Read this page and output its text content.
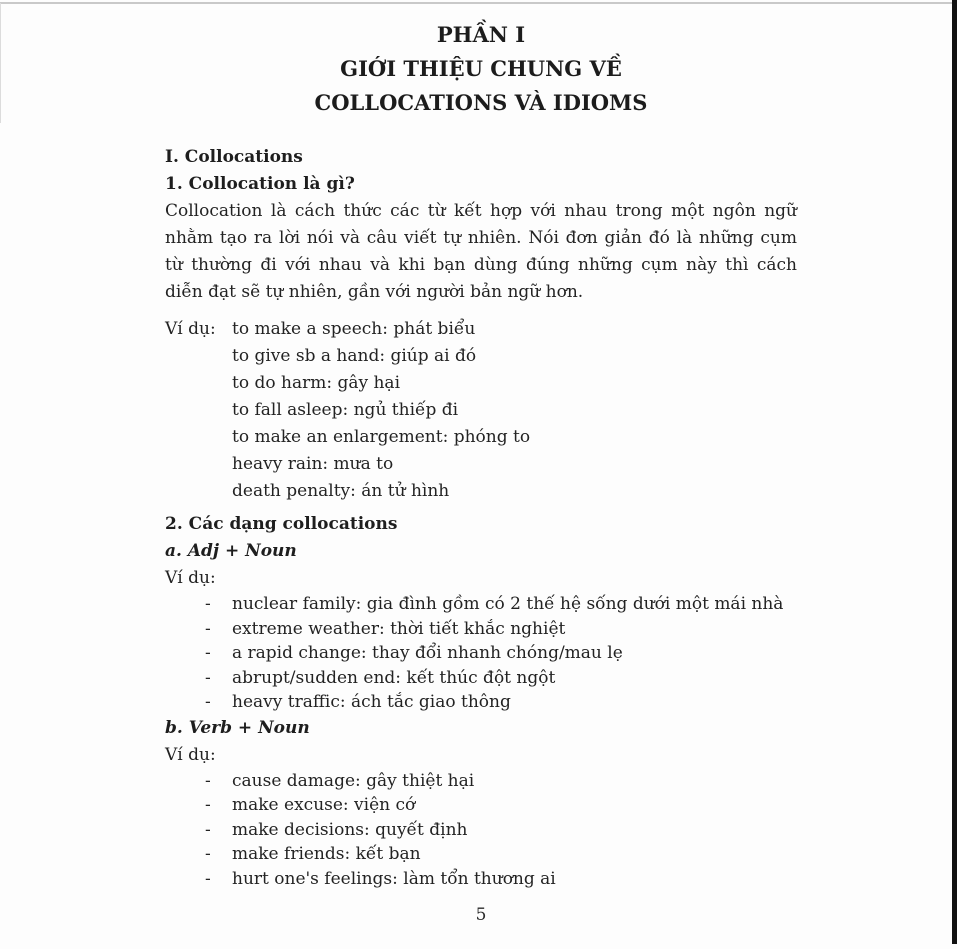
PHẦN I
GIỚI THIỆU CHUNG VỀ
COLLOCATIONS VÀ IDIOMS
I. Collocations
1. Collocation là gì?
Collocation là cách thức các từ kết hợp với nhau trong một ngôn ngữ nhằm tạo ra lời nói và câu viết tự nhiên. Nói đơn giản đó là những cụm từ thường đi với nhau và khi bạn dùng đúng những cụm này thì cách diễn đạt sẽ tự nhiên, gần với người bản ngữ hơn.
Ví dụ: to make a speech: phát biểu
to give sb a hand: giúp ai đó
to do harm: gây hại
to fall asleep: ngủ thiếp đi
to make an enlargement: phóng to
heavy rain: mưa to
death penalty: án tử hình
2. Các dạng collocations
a. Adj + Noun
Ví dụ:
-	nuclear family: gia đình gồm có 2 thế hệ sống dưới một mái nhà
-	extreme weather: thời tiết khắc nghiệt
-	a rapid change: thay đổi nhanh chóng/mau lẹ
-	abrupt/sudden end: kết thúc đột ngột
-	heavy traffic: ách tắc giao thông
b. Verb + Noun
Ví dụ:
-	cause damage: gây thiệt hại
-	make excuse: viện cớ
-	make decisions: quyết định
-	make friends: kết bạn
-	hurt one's feelings: làm tổn thương ai
5
